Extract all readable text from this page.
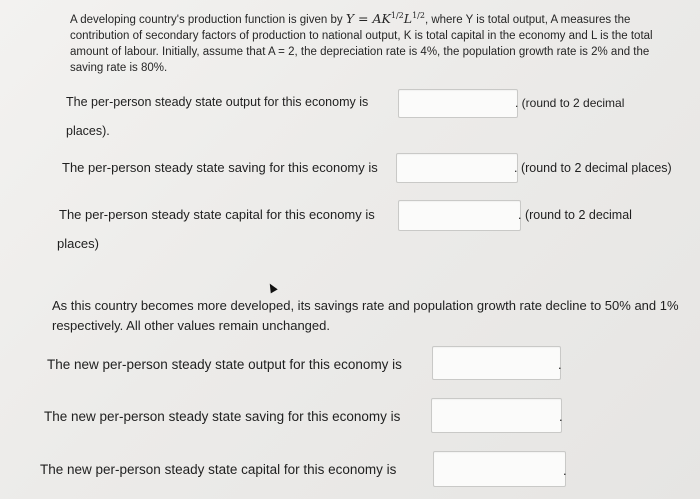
A developing country's production function is given by $Y = AK^{1/2}L^{1/2}$, where Y is total output, A measures the contribution of secondary factors of production to national output, K is total capital in the economy and L is the total amount of labour. Initially, assume that A = 2, the depreciation rate is 4%, the population growth rate is 2% and the saving rate is 80%.
The per-person steady state output for this economy is	. (round to 2 decimal
places).
The per-person steady state saving for this economy is	. (round to 2 decimal places)
The per-person steady state capital for this economy is	. (round to 2 decimal
places)
As this country becomes more developed, its savings rate and population growth rate decline to 50% and 1% respectively. All other values remain unchanged.
The new per-person steady state output for this economy is	.
The new per-person steady state saving for this economy is	.
The new per-person steady state capital for this economy is	.
